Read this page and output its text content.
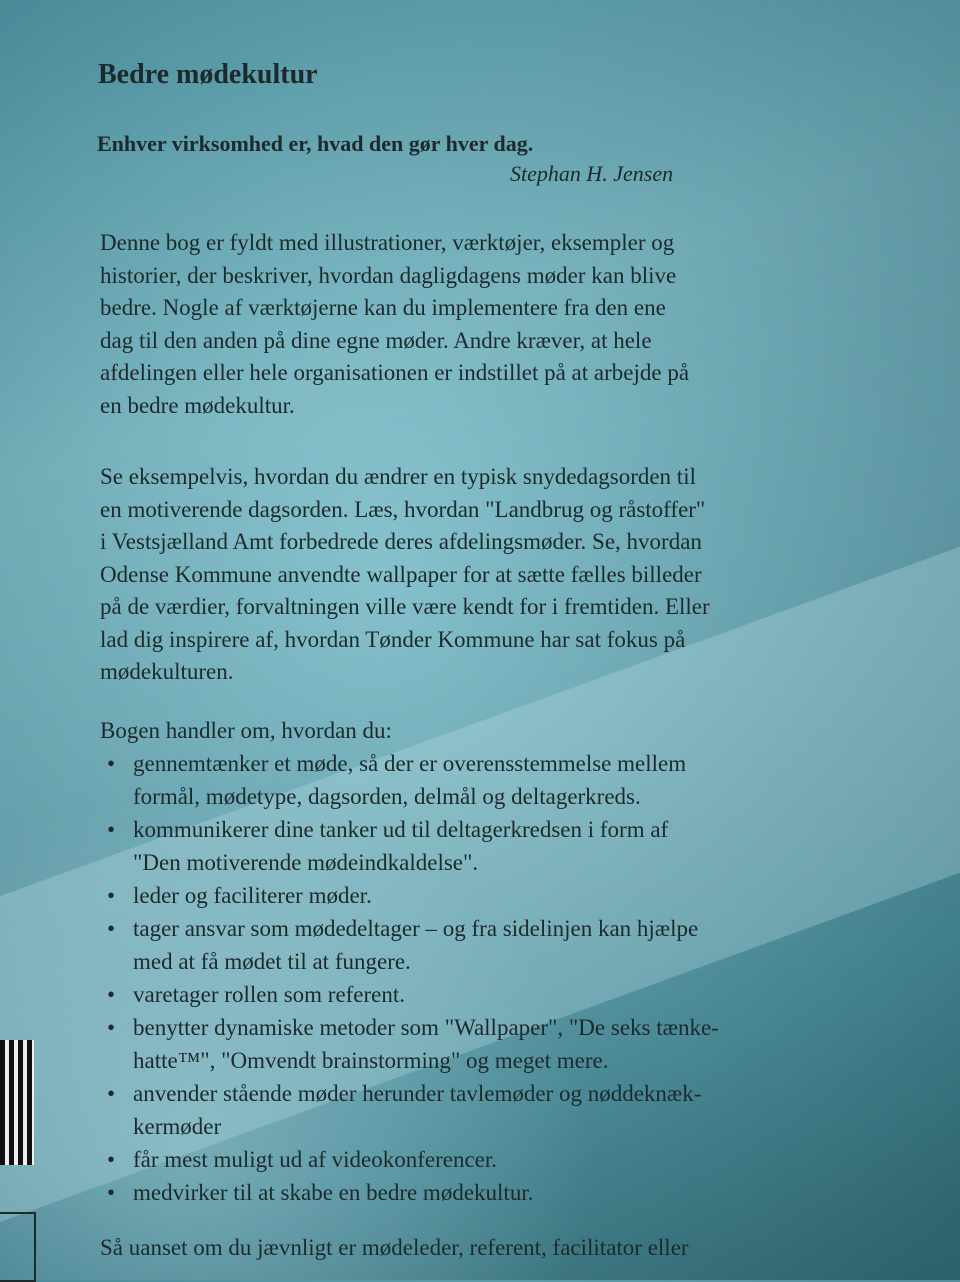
Bedre mødekultur
Enhver virksomhed er, hvad den gør hver dag.
Stephan H. Jensen
Denne bog er fyldt med illustrationer, værktøjer, eksempler og
historier, der beskriver, hvordan dagligdagens møder kan blive
bedre. Nogle af værktøjerne kan du implementere fra den ene
dag til den anden på dine egne møder. Andre kræver, at hele
afdelingen eller hele organisationen er indstillet på at arbejde på
en bedre mødekultur.
Se eksempelvis, hvordan du ændrer en typisk snydedagsorden til
en motiverende dagsorden. Læs, hvordan "Landbrug og råstoffer"
i Vestsjælland Amt forbedrede deres afdelingsmøder. Se, hvordan
Odense Kommune anvendte wallpaper for at sætte fælles billeder
på de værdier, forvaltningen ville være kendt for i fremtiden. Eller
lad dig inspirere af, hvordan Tønder Kommune har sat fokus på
mødekulturen.
Bogen handler om, hvordan du:
• gennemtænker et møde, så der er overensstemmelse mellem
formål, mødetype, dagsorden, delmål og deltagerkreds.
• kommunikerer dine tanker ud til deltagerkredsen i form af
"Den motiverende mødeindkaldelse".
• leder og faciliterer møder.
• tager ansvar som mødedeltager – og fra sidelinjen kan hjælpe
med at få mødet til at fungere.
• varetager rollen som referent.
• benytter dynamiske metoder som "Wallpaper", "De seks tænke-
hatte™", "Omvendt brainstorming" og meget mere.
• anvender stående møder herunder tavlemøder og nøddeknæk-
kermøder
• får mest muligt ud af videokonferencer.
• medvirker til at skabe en bedre mødekultur.
Så uanset om du jævnligt er mødeleder, referent, facilitator eller
